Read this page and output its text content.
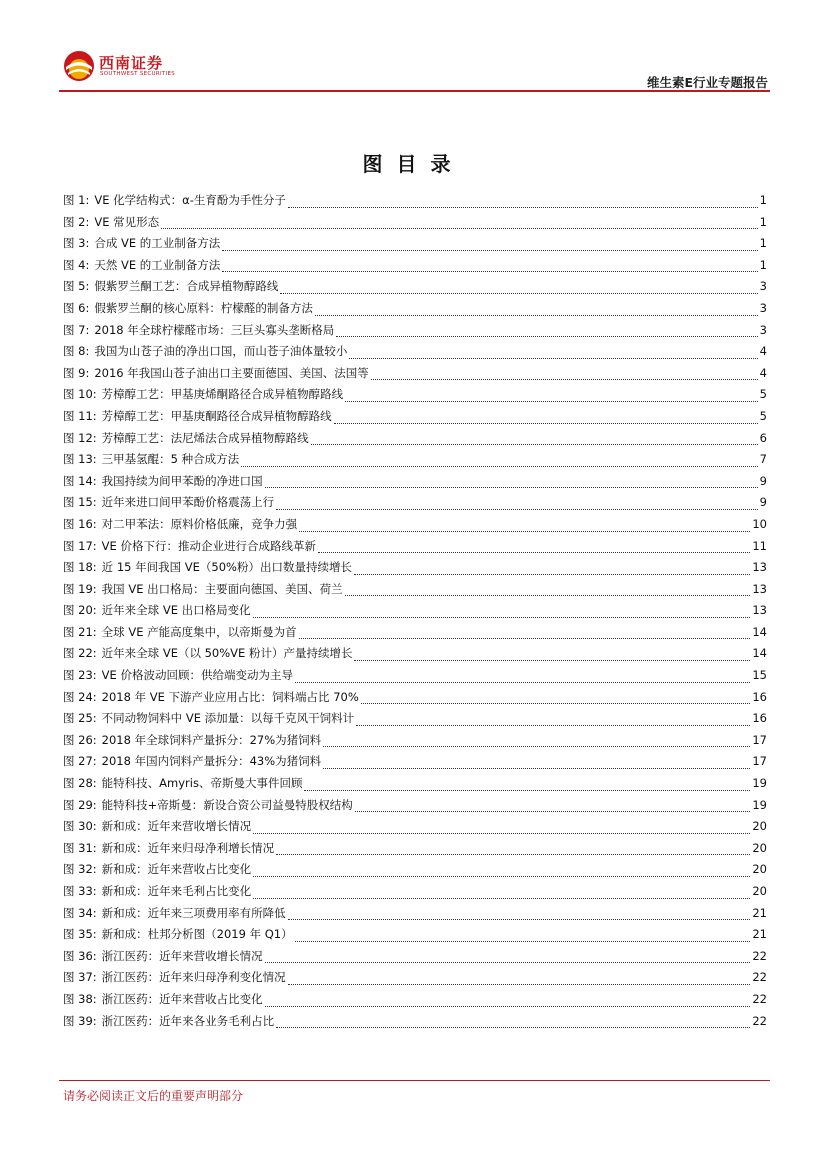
西南证券
SOUTHWEST SECURITIES
维生素E行业专题报告
图目录
图 1: VE 化学结构式：α-生育酚为手性分子	1
图 2: VE 常见形态	1
图 3: 合成 VE 的工业制备方法	1
图 4: 天然 VE 的工业制备方法	1
图 5: 假紫罗兰酮工艺：合成异植物醇路线	3
图 6: 假紫罗兰酮的核心原料：柠檬醛的制备方法	3
图 7: 2018 年全球柠檬醛市场：三巨头寡头垄断格局	3
图 8: 我国为山苍子油的净出口国，而山苍子油体量较小	4
图 9: 2016 年我国山苍子油出口主要面德国、美国、法国等	4
图 10: 芳樟醇工艺：甲基庚烯酮路径合成异植物醇路线	5
图 11: 芳樟醇工艺：甲基庚酮路径合成异植物醇路线	5
图 12: 芳樟醇工艺：法尼烯法合成异植物醇路线	6
图 13: 三甲基氢醌：5 种合成方法	7
图 14: 我国持续为间甲苯酚的净进口国	9
图 15: 近年来进口间甲苯酚价格震荡上行	9
图 16: 对二甲苯法：原料价格低廉，竞争力强	10
图 17: VE 价格下行：推动企业进行合成路线革新	11
图 18: 近 15 年间我国 VE（50%粉）出口数量持续增长	13
图 19: 我国 VE 出口格局：主要面向德国、美国、荷兰	13
图 20: 近年来全球 VE 出口格局变化	13
图 21: 全球 VE 产能高度集中，以帝斯曼为首	14
图 22: 近年来全球 VE（以 50%VE 粉计）产量持续增长	14
图 23: VE 价格波动回顾：供给端变动为主导	15
图 24: 2018 年 VE 下游产业应用占比：饲料端占比 70%	16
图 25: 不同动物饲料中 VE 添加量：以每千克风干饲料计	16
图 26: 2018 年全球饲料产量拆分：27%为猪饲料	17
图 27: 2018 年国内饲料产量拆分：43%为猪饲料	17
图 28: 能特科技、Amyris、帝斯曼大事件回顾	19
图 29: 能特科技+帝斯曼：新设合资公司益曼特股权结构	19
图 30: 新和成：近年来营收增长情况	20
图 31: 新和成：近年来归母净利增长情况	20
图 32: 新和成：近年来营收占比变化	20
图 33: 新和成：近年来毛利占比变化	20
图 34: 新和成：近年来三项费用率有所降低	21
图 35: 新和成：杜邦分析图（2019 年 Q1）	21
图 36: 浙江医药：近年来营收增长情况	22
图 37: 浙江医药：近年来归母净利变化情况	22
图 38: 浙江医药：近年来营收占比变化	22
图 39: 浙江医药：近年来各业务毛利占比	22
请务必阅读正文后的重要声明部分
